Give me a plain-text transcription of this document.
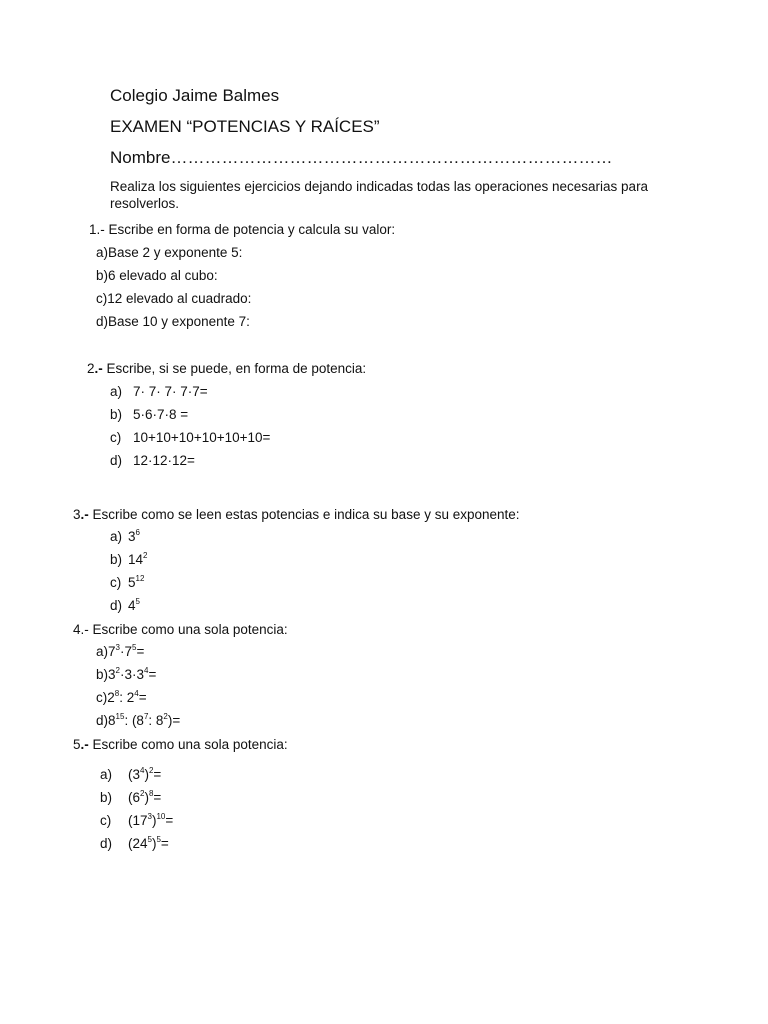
Colegio Jaime Balmes
EXAMEN “POTENCIAS Y RAÍCES”
Nombre……………………………………………………………………
Realiza los siguientes ejercicios dejando indicadas todas las operaciones necesarias para resolverlos.
1.- Escribe en forma de potencia y calcula su valor:
a)Base 2 y exponente 5:
b)6 elevado al cubo:
c)12 elevado al cuadrado:
d)Base 10 y exponente 7:
2.- Escribe, si se puede, en forma de potencia:
a) 7· 7· 7· 7·7=
b) 5·6·7·8 =
c) 10+10+10+10+10+10=
d) 12·12·12=
3.- Escribe como se leen estas potencias e indica su base y su exponente:
a) $3^6$
b) $14^2$
c) $5^{12}$
d) $4^5$
4.- Escribe como una sola potencia:
$a)7^3\cdot 7^5=$
$b)3^2\cdot 3\cdot 3^4=$
$c)2^8$: $2^4=$
$d)8^{15}$: ($8^7$: $8^2)=$
5.- Escribe como una sola potencia:
a) $(3^4)^2=$
b) $(6^2)^8=$
c) $(17^3)^{10}=$
d) $(24^5)^5=$
